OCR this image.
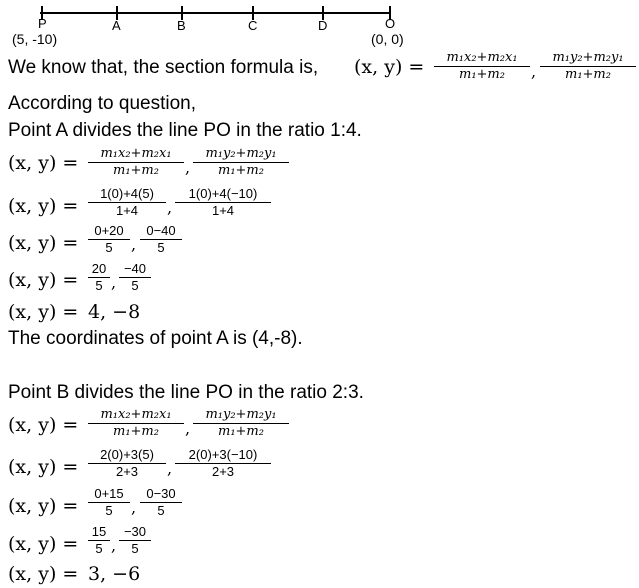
P	A	B	C	D	O
(5, -10)	(0, 0)
We know that, the section formula is, (x, y) =	m₁x₂+m₂x₁
m₁+m₂	,
m₁y₂+m₂y₁
m₁+m₂
According to question,
Point A divides the line PO in the ratio 1:4.
(x, y) =	m₁x₂+m₂x₁
m₁+m₂	,
m₁y₂+m₂y₁
m₁+m₂
(x, y) =
1(0)+4(5)
1+4	,
1(0)+4(−10)
1+4
(x, y) =
0+20
5	,
0−40
5
(x, y) =
20
5 ,
−40
5
(x, y) = 4, −8
The coordinates of point A is (4,-8).
Point B divides the line PO in the ratio 2:3.
(x, y) =	m₁x₂+m₂x₁
m₁+m₂	,
m₁y₂+m₂y₁
m₁+m₂
(x, y) =
2(0)+3(5)
2+3	,
2(0)+3(−10)
2+3
(x, y) =
0+15
5	,
0−30
5
(x, y) =
15
5 ,
−30
5
(x, y) = 3, −6
